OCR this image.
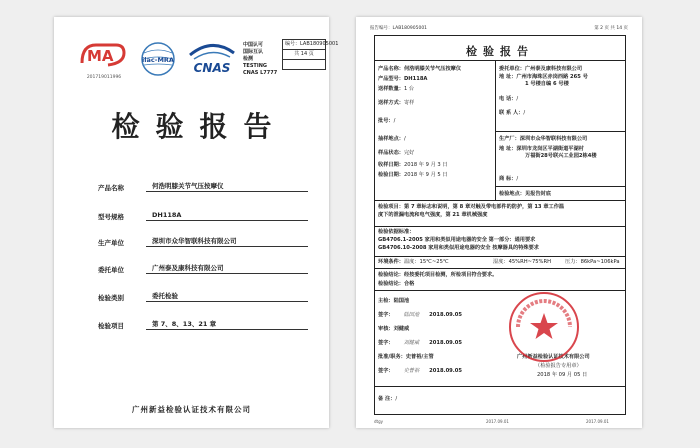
MA
201719011996
ilac-MRA
CNAS
中国认可
国际互认
检测
TESTING
CNAS L7777
编号：LAB180905001
共 14 页
检验报告
产品名称	何浩明膝关节气压按摩仪
型号规格	DH118A
生产单位	深圳市众华智联科技有限公司
委托单位	广州泰及康科技有限公司
检验类别	委托检验
检验项目	第 7、8、13、21 章
广州新益检验认证技术有限公司
报告编号：LAB180905001	第 2 页 共 14 页
检验报告
产品名称：何浩明膝关节气压按摩仪
产品型号：DH118A
送样数量：1 台
送样方式：寄样
批号：/
抽样地点：/
样品状态：完好
收样日期：2018 年 9 月 3 日
检验日期：2018 年 9 月 5 日
委托单位：广州泰及康科技有限公司
地 址：广州市海珠区赤岗西路 265 号
1 号楼自编 6 号楼
电 话：/
联 系 人：/
生产厂：深圳市众华智联科技有限公司
地 址：深圳市龙岗区平湖街道平湖村
万福街28号联兴工业园2栋4楼
商 标：/
检验地点：见报告封底
检验项目：第 7 章标志和说明，第 8 章对触及带电部件的防护，第 13 章工作温
度下的泄漏电流和电气强度，第 21 章机械强度
检验依据标准：
GB4706.1-2005 家用和类似用途电器的安全 第一部分：通用要求
GB4706.10-2008 家用和类似用途电器的安全 按摩器具的特殊要求
环境条件：温度：15℃~25℃	湿度：45%RH~75%RH	压力：86kPa~106kPa
检验结论：经按委托项目检测，所检项目符合要求。
检验结论：合格
主检：陆国池
签字： 陆国池 2018.09.05
审核：刘健威
签字： 刘健威 2018.09.05
批准/职务：史普裕/主管
签字： 史普裕 2018.09.05
广州新益检验认证技术有限公司
（检验报告专用章）
2018 年 09 月 05 日
备 注：/
dtgy	2017.09.01	2017.09.01
